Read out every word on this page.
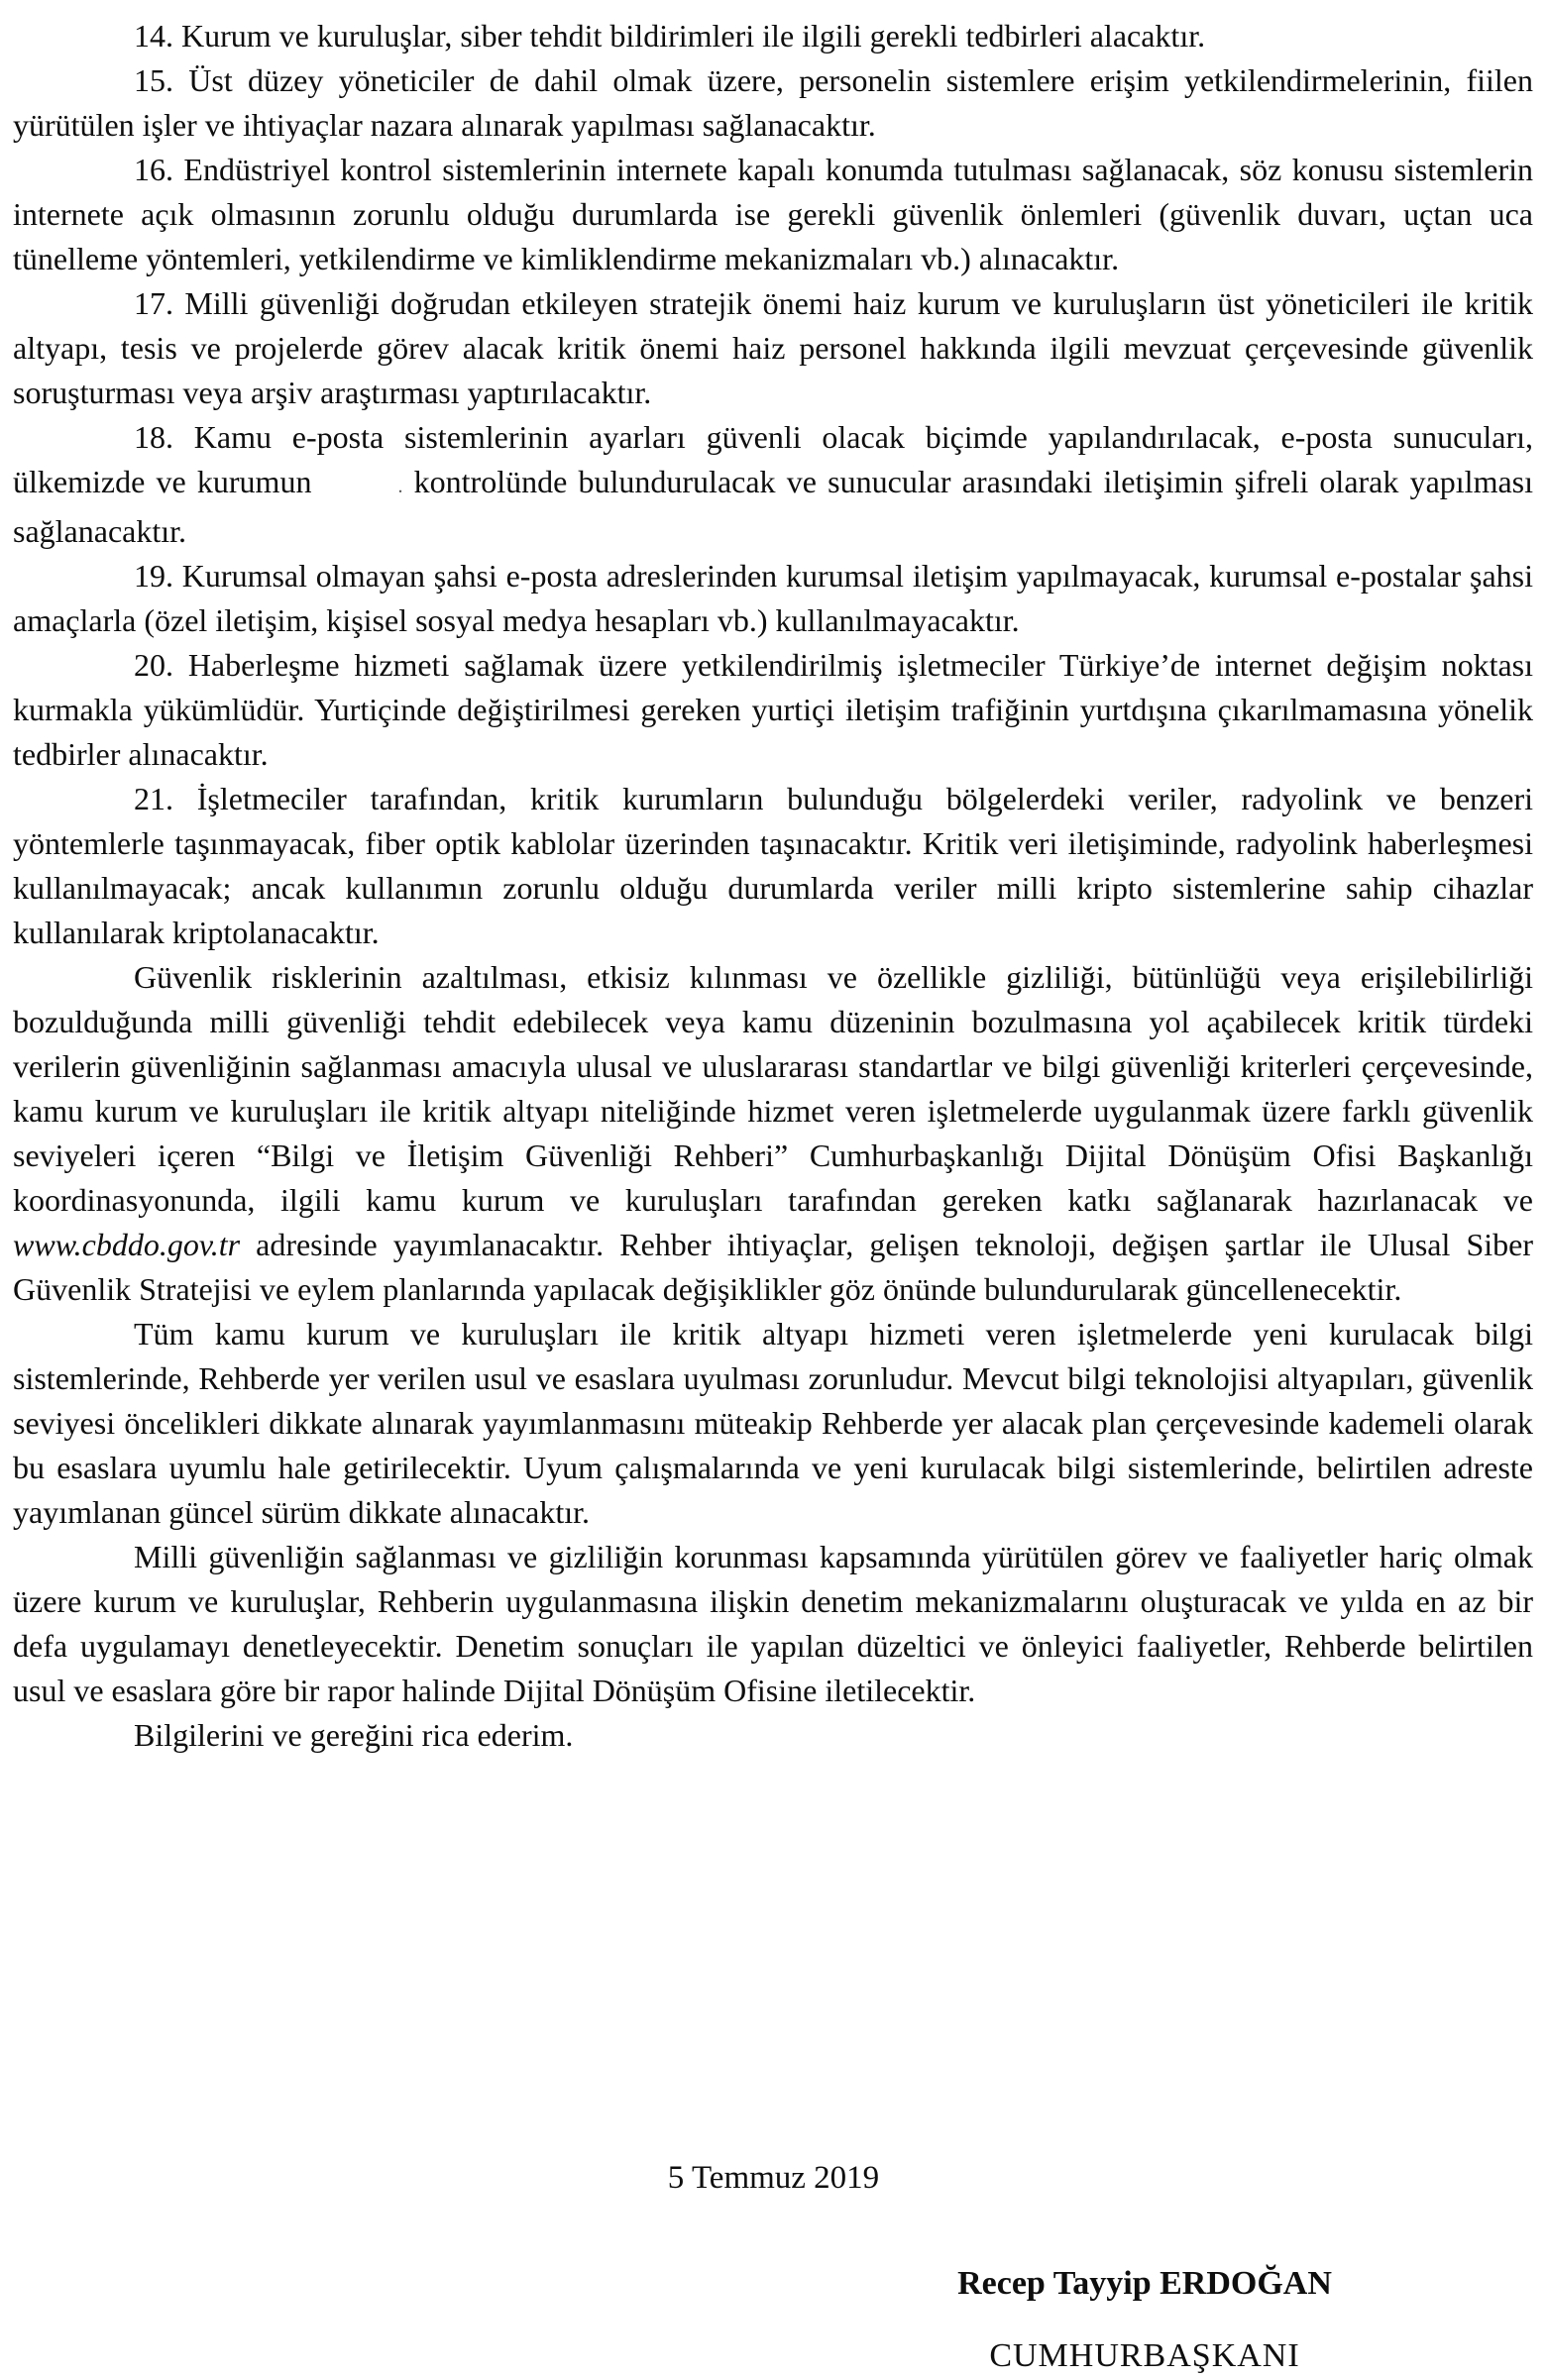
14. Kurum ve kuruluşlar, siber tehdit bildirimleri ile ilgili gerekli tedbirleri alacaktır.

15. Üst düzey yöneticiler de dahil olmak üzere, personelin sistemlere erişim yetkilendirmelerinin, fiilen yürütülen işler ve ihtiyaçlar nazara alınarak yapılması sağlanacaktır.

16. Endüstriyel kontrol sistemlerinin internete kapalı konumda tutulması sağlanacak, söz konusu sistemlerin internete açık olmasının zorunlu olduğu durumlarda ise gerekli güvenlik önlemleri (güvenlik duvarı, uçtan uca tünelleme yöntemleri, yetkilendirme ve kimliklendirme mekanizmaları vb.) alınacaktır.

17. Milli güvenliği doğrudan etkileyen stratejik önemi haiz kurum ve kuruluşların üst yöneticileri ile kritik altyapı, tesis ve projelerde görev alacak kritik önemi haiz personel hakkında ilgili mevzuat çerçevesinde güvenlik soruşturması veya arşiv araştırması yaptırılacaktır.

18. Kamu e-posta sistemlerinin ayarları güvenli olacak biçimde yapılandırılacak, e-posta sunucuları, ülkemizde ve kurumun	. kontrolünde bulundurulacak ve sunucular arasındaki iletişimin şifreli olarak yapılması sağlanacaktır.

19. Kurumsal olmayan şahsi e-posta adreslerinden kurumsal iletişim yapılmayacak, kurumsal e-postalar şahsi amaçlarla (özel iletişim, kişisel sosyal medya hesapları vb.) kullanılmayacaktır.

20. Haberleşme hizmeti sağlamak üzere yetkilendirilmiş işletmeciler Türkiye’de internet değişim noktası kurmakla yükümlüdür. Yurtiçinde değiştirilmesi gereken yurtiçi iletişim trafiğinin yurtdışına çıkarılmamasına yönelik tedbirler alınacaktır.

21. İşletmeciler tarafından, kritik kurumların bulunduğu bölgelerdeki veriler, radyolink ve benzeri yöntemlerle taşınmayacak, fiber optik kablolar üzerinden taşınacaktır. Kritik veri iletişiminde, radyolink haberleşmesi kullanılmayacak; ancak kullanımın zorunlu olduğu durumlarda veriler milli kripto sistemlerine sahip cihazlar kullanılarak kriptolanacaktır.

Güvenlik risklerinin azaltılması, etkisiz kılınması ve özellikle gizliliği, bütünlüğü veya erişilebilirliği bozulduğunda milli güvenliği tehdit edebilecek veya kamu düzeninin bozulmasına yol açabilecek kritik türdeki verilerin güvenliğinin sağlanması amacıyla ulusal ve uluslararası standartlar ve bilgi güvenliği kriterleri çerçevesinde, kamu kurum ve kuruluşları ile kritik altyapı niteliğinde hizmet veren işletmelerde uygulanmak üzere farklı güvenlik seviyeleri içeren “Bilgi ve İletişim Güvenliği Rehberi” Cumhurbaşkanlığı Dijital Dönüşüm Ofisi Başkanlığı koordinasyonunda, ilgili kamu kurum ve kuruluşları tarafından gereken katkı sağlanarak hazırlanacak ve www.cbddo.gov.tr adresinde yayımlanacaktır. Rehber ihtiyaçlar, gelişen teknoloji, değişen şartlar ile Ulusal Siber Güvenlik Stratejisi ve eylem planlarında yapılacak değişiklikler göz önünde bulundurularak güncellenecektir.

Tüm kamu kurum ve kuruluşları ile kritik altyapı hizmeti veren işletmelerde yeni kurulacak bilgi sistemlerinde, Rehberde yer verilen usul ve esaslara uyulması zorunludur. Mevcut bilgi teknolojisi altyapıları, güvenlik seviyesi öncelikleri dikkate alınarak yayımlanmasını müteakip Rehberde yer alacak plan çerçevesinde kademeli olarak bu esaslara uyumlu hale getirilecektir. Uyum çalışmalarında ve yeni kurulacak bilgi sistemlerinde, belirtilen adreste yayımlanan güncel sürüm dikkate alınacaktır.

Milli güvenliğin sağlanması ve gizliliğin korunması kapsamında yürütülen görev ve faaliyetler hariç olmak üzere kurum ve kuruluşlar, Rehberin uygulanmasına ilişkin denetim mekanizmalarını oluşturacak ve yılda en az bir defa uygulamayı denetleyecektir. Denetim sonuçları ile yapılan düzeltici ve önleyici faaliyetler, Rehberde belirtilen usul ve esaslara göre bir rapor halinde Dijital Dönüşüm Ofisine iletilecektir.

Bilgilerini ve gereğini rica ederim.

5 Temmuz 2019
Recep Tayyip ERDOĞAN
CUMHURBAŞKANI
